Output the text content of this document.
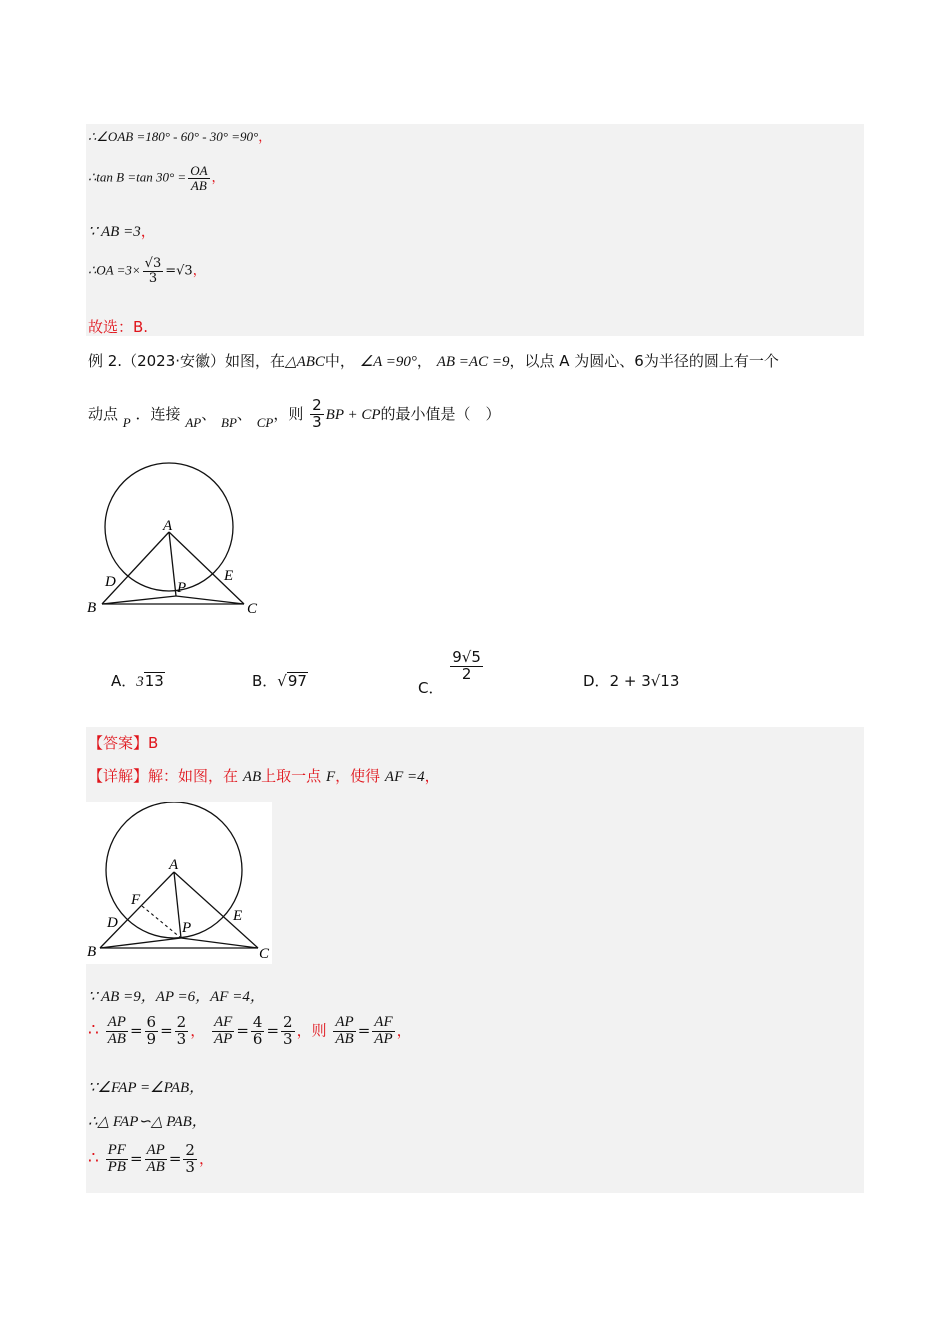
∴∠OAB =180° - 60° - 30° =90°，
∴tan B =tan $30^\circ = \frac{OA}{AB}$ ，
∵ AB =3，
∴OA $=3\times \frac{√3}{3} =√3$，
故选：B.
例 2.（2023·安徽）如图，在△ABC中， ∠A =90°， AB =AC =9，以点 A 为圆心、6为半径的圆上有一个
动点 P ．连接 AP、 BP、 CP，则 $\frac{2}{3}$ BP + CP的最小值是（　）
A
B	C
D	E
P
A．313	B．√97	C．
$\frac{9√5}{2}$	D．2 + 3√13
【答案】B
【详解】解：如图，在 AB上取一点 F，使得 AF =4，
A
B	C
D	E
P
F
∵ AB =9，AP =6，AF =4，
∴ $\frac{AP}{AB} = \frac{6}{9} = \frac{2}{3}$ ， $\frac{AF}{AP} = \frac{4}{6} = \frac{2}{3}$ ，则 $\frac{AP}{AB} = \frac{AF}{AP}$ ，
∵∠FAP =∠PAB，
∴△ FAP∽△ PAB，
∴ $\frac{PF}{PB} = \frac{AP}{AB} = \frac{2}{3}$ ，
